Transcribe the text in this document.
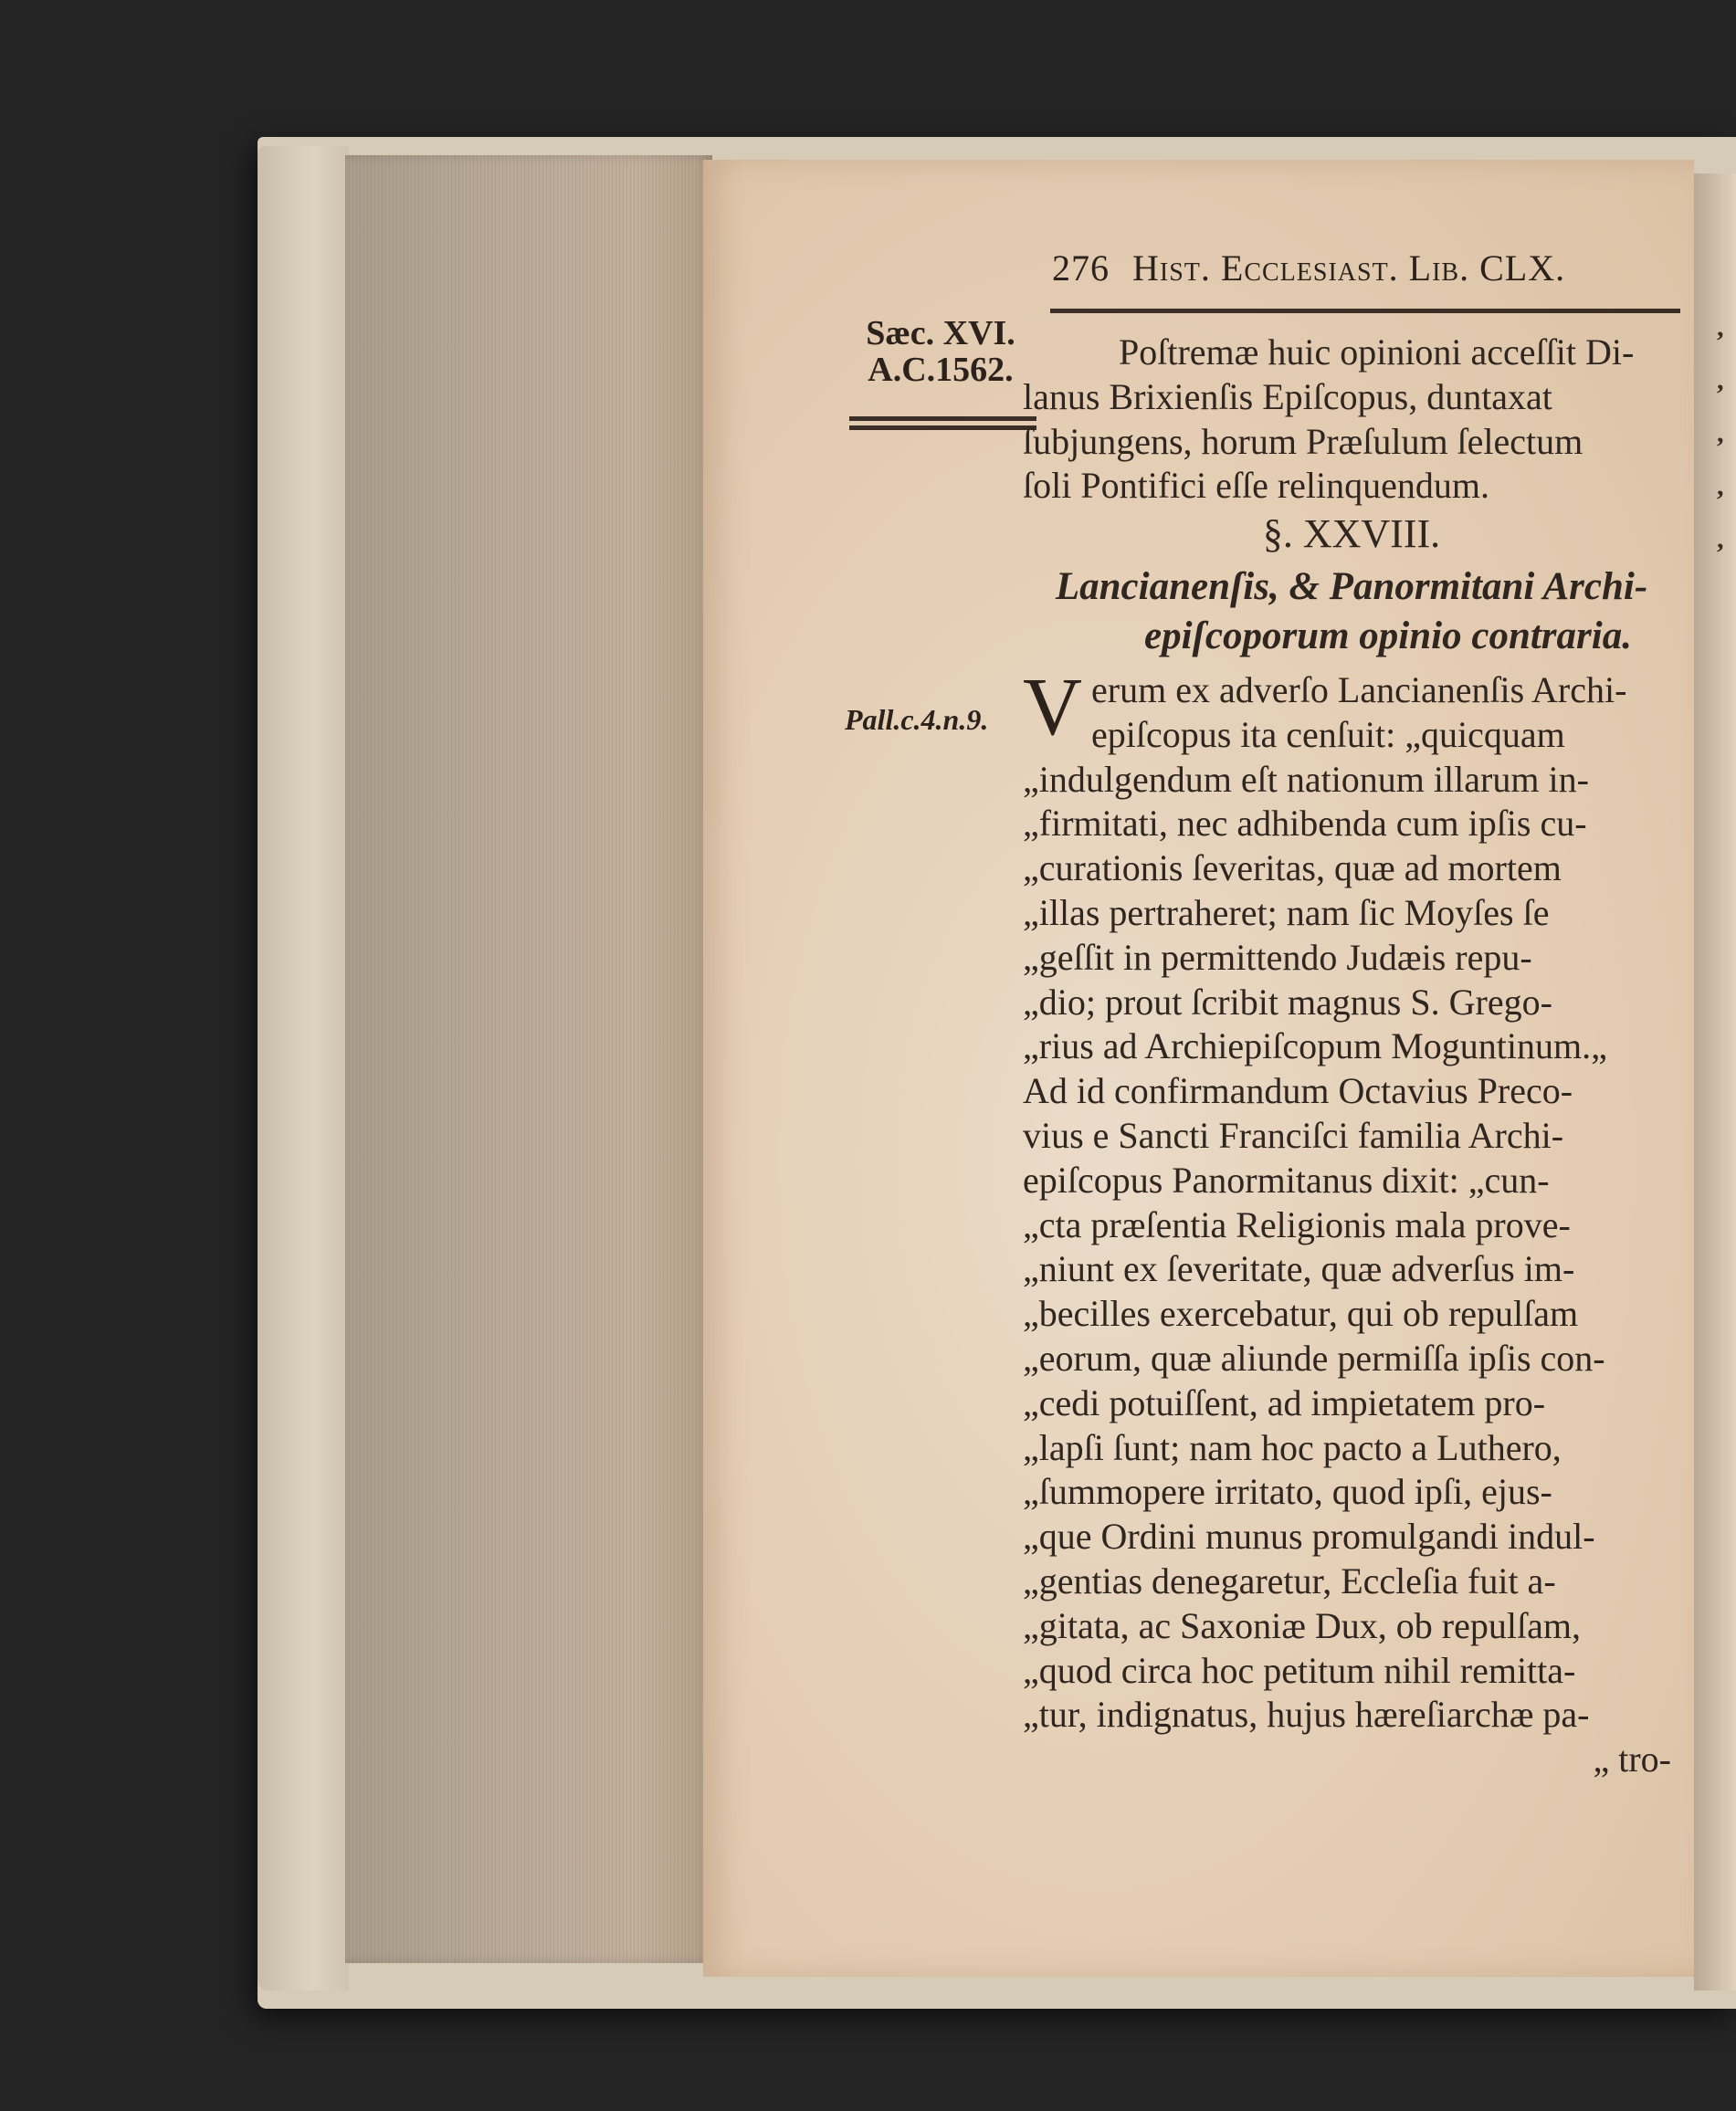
,
,
,
,
,
276 Hist. Ecclesiast. Lib. CLX.
Sæc. XVI.
A.C.1562.
Pall.c.4.n.9.
Poſtremæ huic opinioni acceſſit Di-
lanus Brixienſis Epiſcopus, duntaxat
ſubjungens, horum Præſulum ſelectum
ſoli Pontifici eſſe relinquendum.
§. XXVIII.
Lancianenſis, & Panormitani Archi-
epiſcoporum opinio contraria.
V erum ex adverſo Lancianenſis Archi-
epiſcopus ita cenſuit: „quicquam
„indulgendum eſt nationum illarum in-
„firmitati, nec adhibenda cum ipſis cu-
„curationis ſeveritas, quæ ad mortem
„illas pertraheret; nam ſic Moyſes ſe
„geſſit in permittendo Judæis repu-
„dio; prout ſcribit magnus S. Grego-
„rius ad Archiepiſcopum Moguntinum.„
Ad id confirmandum Octavius Preco-
vius e Sancti Franciſci familia Archi-
epiſcopus Panormitanus dixit: „cun-
„cta præſentia Religionis mala prove-
„niunt ex ſeveritate, quæ adverſus im-
„becilles exercebatur, qui ob repulſam
„eorum, quæ aliunde permiſſa ipſis con-
„cedi potuiſſent, ad impietatem pro-
„lapſi ſunt; nam hoc pacto a Luthero,
„ſummopere irritato, quod ipſi, ejus-
„que Ordini munus promulgandi indul-
„gentias denegaretur, Eccleſia fuit a-
„gitata, ac Saxoniæ Dux, ob repulſam,
„quod circa hoc petitum nihil remitta-
„tur, indignatus, hujus hæreſiarchæ pa-
„ tro-
